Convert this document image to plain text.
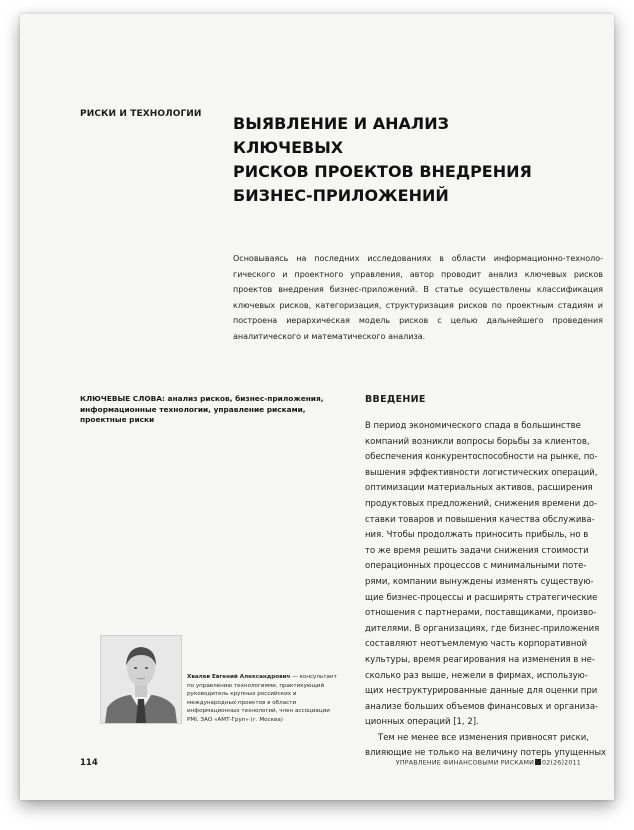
РИСКИ И ТЕХНОЛОГИИ ВЫЯВЛЕНИЕ И АНАЛИЗ КЛЮЧЕВЫХ
РИСКОВ ПРОЕКТОВ ВНЕДРЕНИЯ
БИЗНЕС-ПРИЛОЖЕНИЙ

Основываясь на последних исследованиях в области информационно-техноло-гического и проектного управления, автор проводит анализ ключевых рисков проектов внедрения бизнес-приложений. В статье осуществлены классификация ключевых рисков, категоризация, структуризация рисков по проектным стадиям и построена иерархическая модель рисков с целью дальнейшего проведения аналитического и математического анализа.

КЛЮЧЕВЫЕ СЛОВА: анализ рисков, бизнес-приложения, информационные технологии, управление рисками, проектные риски
Хвалев Евгений Александрович — консультант по управлению технологиями, практикующий руководитель крупных российских и международных проектов в области информационных технологий, член ассоциации PMI, ЗАО «АМТ-Груп» (г. Москва)
ВВЕДЕНИЕ
В период экономического спада в большинстве
компаний возникли вопросы борьбы за клиентов,
обеспечения конкурентоспособности на рынке, по-
вышения эффективности логистических операций,
оптимизации материальных активов, расширения
продуктовых предложений, снижения времени до-
ставки товаров и повышения качества обслужива-
ния. Чтобы продолжать приносить прибыль, но в
то же время решить задачи снижения стоимости
операционных процессов с минимальными поте-
рями, компании вынуждены изменять существую-
щие бизнес-процессы и расширять стратегические
отношения с партнерами, поставщиками, произво-
дителями. В организациях, где бизнес-приложения
составляют неотъемлемую часть корпоративной
культуры, время реагирования на изменения в не-
сколько раз выше, нежели в фирмах, использую-
щих неструктурированные данные для оценки при
анализе больших объемов финансовых и организа-
ционных операций [1, 2].
Тем не менее все изменения привносят риски,
влияющие не только на величину потерь упущенных
114	УПРАВЛЕНИЕ ФИНАНСОВЫМИ РИСКАМИ 02(26)2011
